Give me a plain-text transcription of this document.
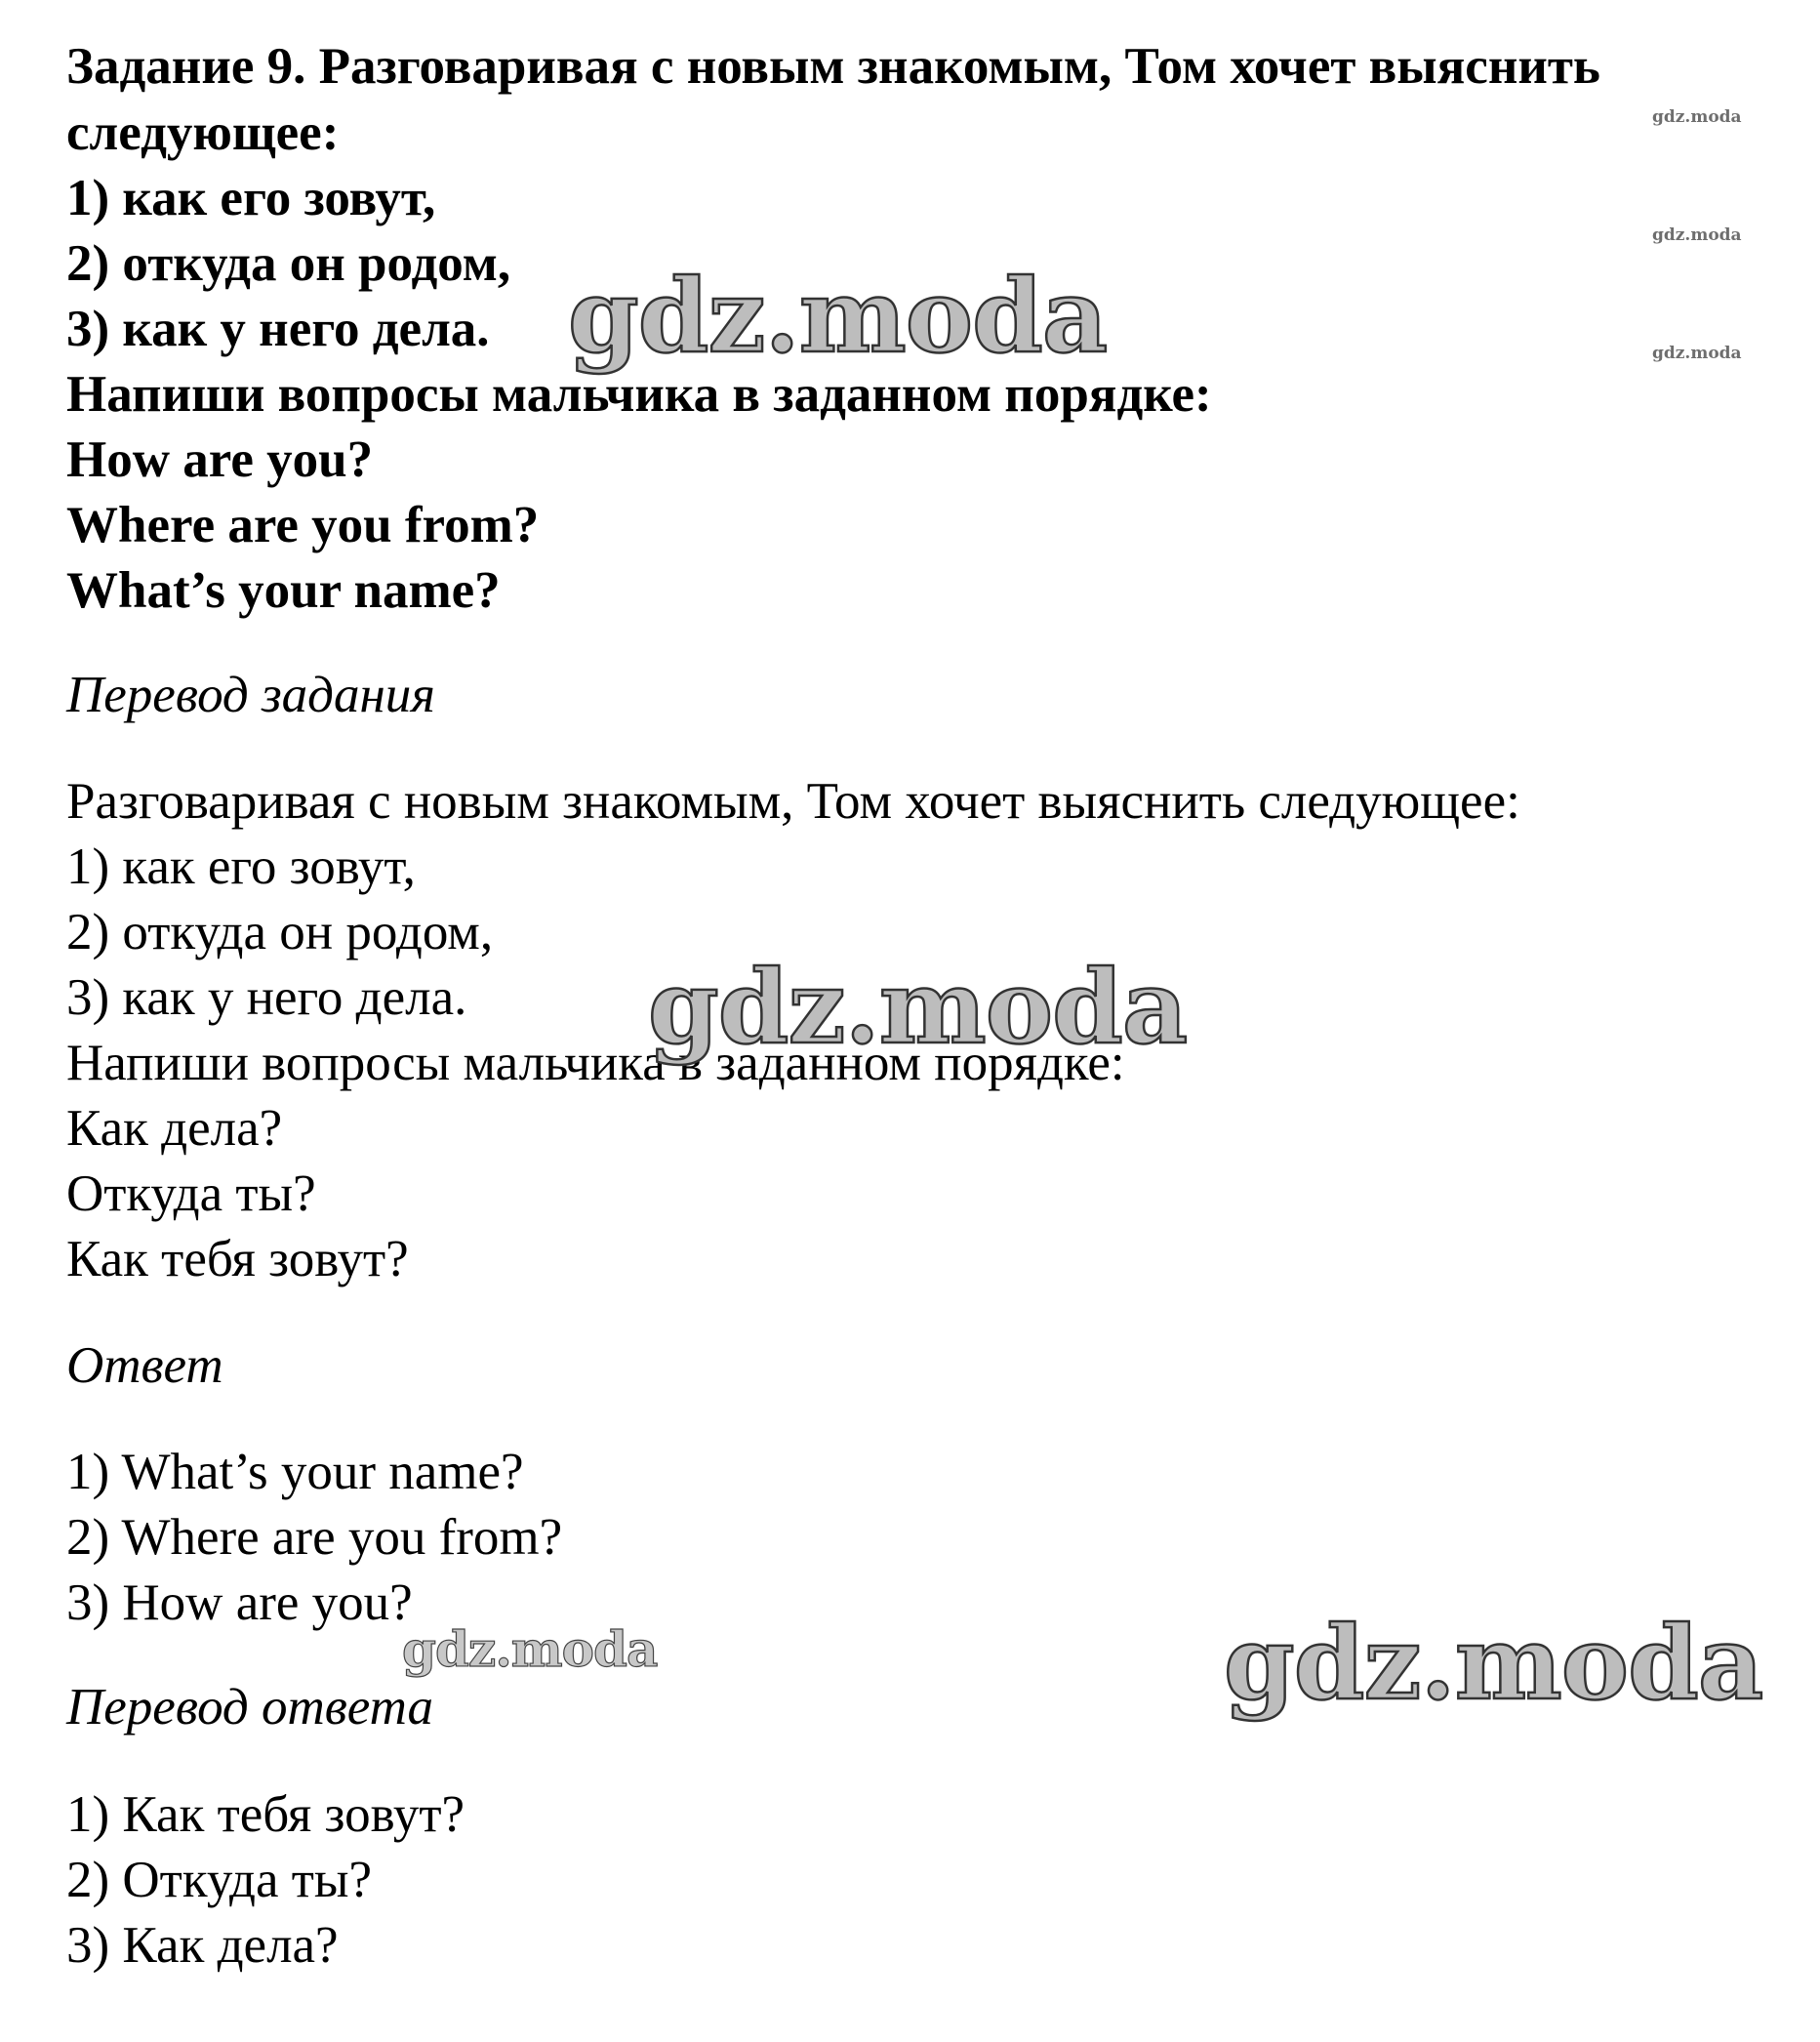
Задание 9. Разговаривая с новым знакомым, Том хочет выяснить
следующее:
1) как его зовут,
2) откуда он родом,
3) как у него дела.
Напиши вопросы мальчика в заданном порядке:
How are you?
Where are you from?
What’s your name?
Перевод задания
Разговаривая с новым знакомым, Том хочет выяснить следующее:
1) как его зовут,
2) откуда он родом,
3) как у него дела.
Напиши вопросы мальчика в заданном порядке:
Как дела?
Откуда ты?
Как тебя зовут?
Ответ
1) What’s your name?
2) Where are you from?
3) How are you?
Перевод ответа
1) Как тебя зовут?
2) Откуда ты?
3) Как дела?
gdz.moda
gdz.moda
gdz.moda
gdz.moda
gdz.moda
gdz.moda	gdz.moda
